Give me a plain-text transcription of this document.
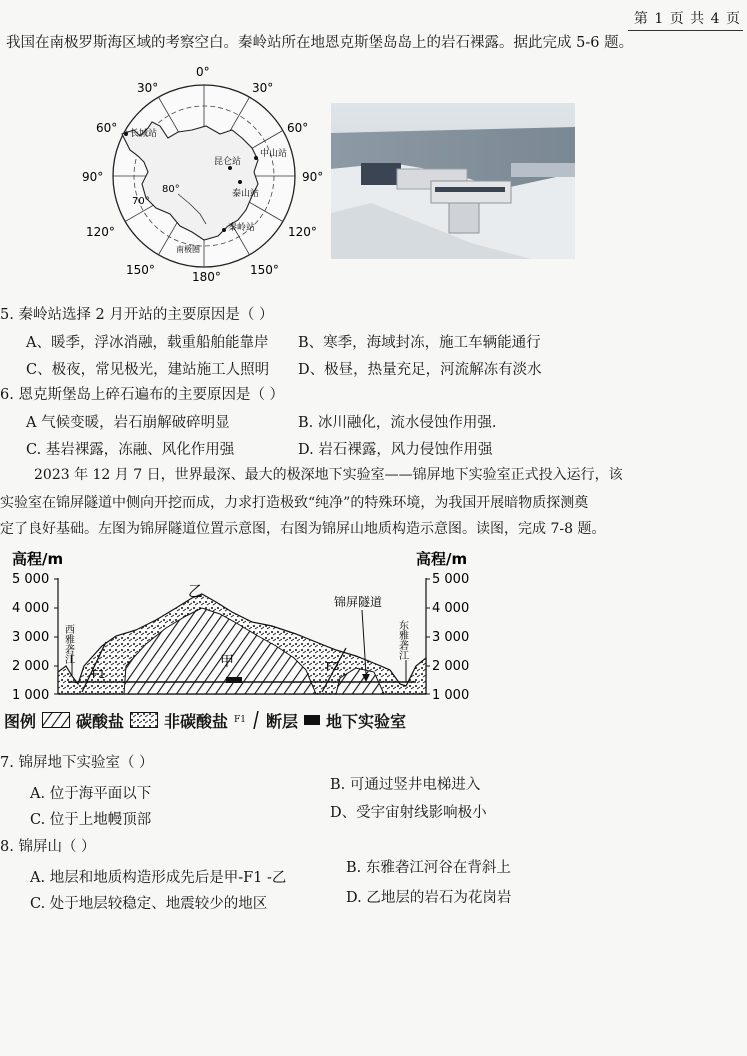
第 1 页 共 4 页
我国在南极罗斯海区域的考察空白。秦岭站所在地恩克斯堡岛岛上的岩石裸露。据此完成 5-6 题。
0°
30°	30°
60°	60°
90°	90°
120°	120°
150°	150°
180°
80°
70°
长城站
昆仑站
中山站
泰山站
秦岭站
南极圈
5. 秦岭站选择 2 月开站的主要原因是（ ）
A、暖季，浮冰消融，载重船舶能靠岸 B、寒季，海域封冻，施工车辆能通行
C、极夜，常见极光，建站施工人照明 D、极昼，热量充足，河流解冻有淡水
6. 恩克斯堡岛上碎石遍布的主要原因是（ ）
A 气候变暖，岩石崩解破碎明显	B. 冰川融化，流水侵蚀作用强.
C. 基岩裸露，冻融、风化作用强	D. 岩石裸露，风力侵蚀作用强
2023 年 12 月 7 日，世界最深、最大的极深地下实验室——锦屏地下实验室正式投入运行，该
实验室在锦屏隧道中侧向开挖而成，力求打造极致“纯净”的特殊环境，为我国开展暗物质探测奠
定了良好基础。左图为锦屏隧道位置示意图，右图为锦屏山地质构造示意图。读图，完成 7-8 题。
高程/m	高程/m
5 000
4 000
3 000
2 000
1 000
5 000
4 000
3 000
2 000
1 000
乙
甲
F1
F2
锦屏隧道
西雅砻江	东雅砻江
图例	碳酸盐	非碳酸盐 F1 断层 地下实验室
7. 锦屏地下实验室（ ）
A. 位于海平面以下
B. 可通过竖井电梯进入
C. 位于上地幔顶部	D、受宇宙射线影响极小
8. 锦屏山（ ）
A. 地层和地质构造形成先后是甲-F1 -乙
B. 东雅砻江河谷在背斜上
C. 处于地层较稳定、地震较少的地区	D. 乙地层的岩石为花岗岩
